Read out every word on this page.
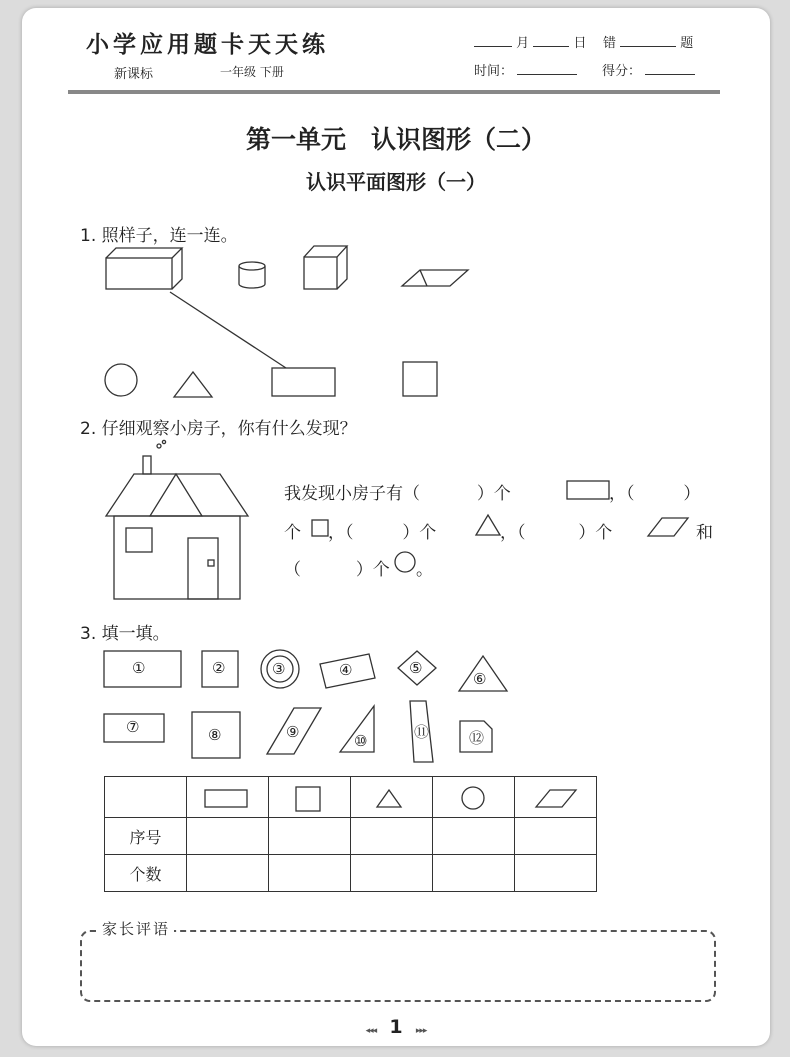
小学应用题卡天天练
新课标	一年级 下册
月	日 错	题
时间：	得分：
第一单元　认识图形（二）
认识平面图形（一）
1. 照样子，连一连。
2. 仔细观察小房子，你有什么发现？
我发现小房子有（	）个	，（	）
个 ，（	）个	，（	）个	和
（	）个 。
3. 填一填。
①	②	③	④	⑤
⑥
⑦	⑧	⑨	⑩	⑪	⑫

序号					
个数					
家长评语
◂◂◂ 1 ▸▸▸
